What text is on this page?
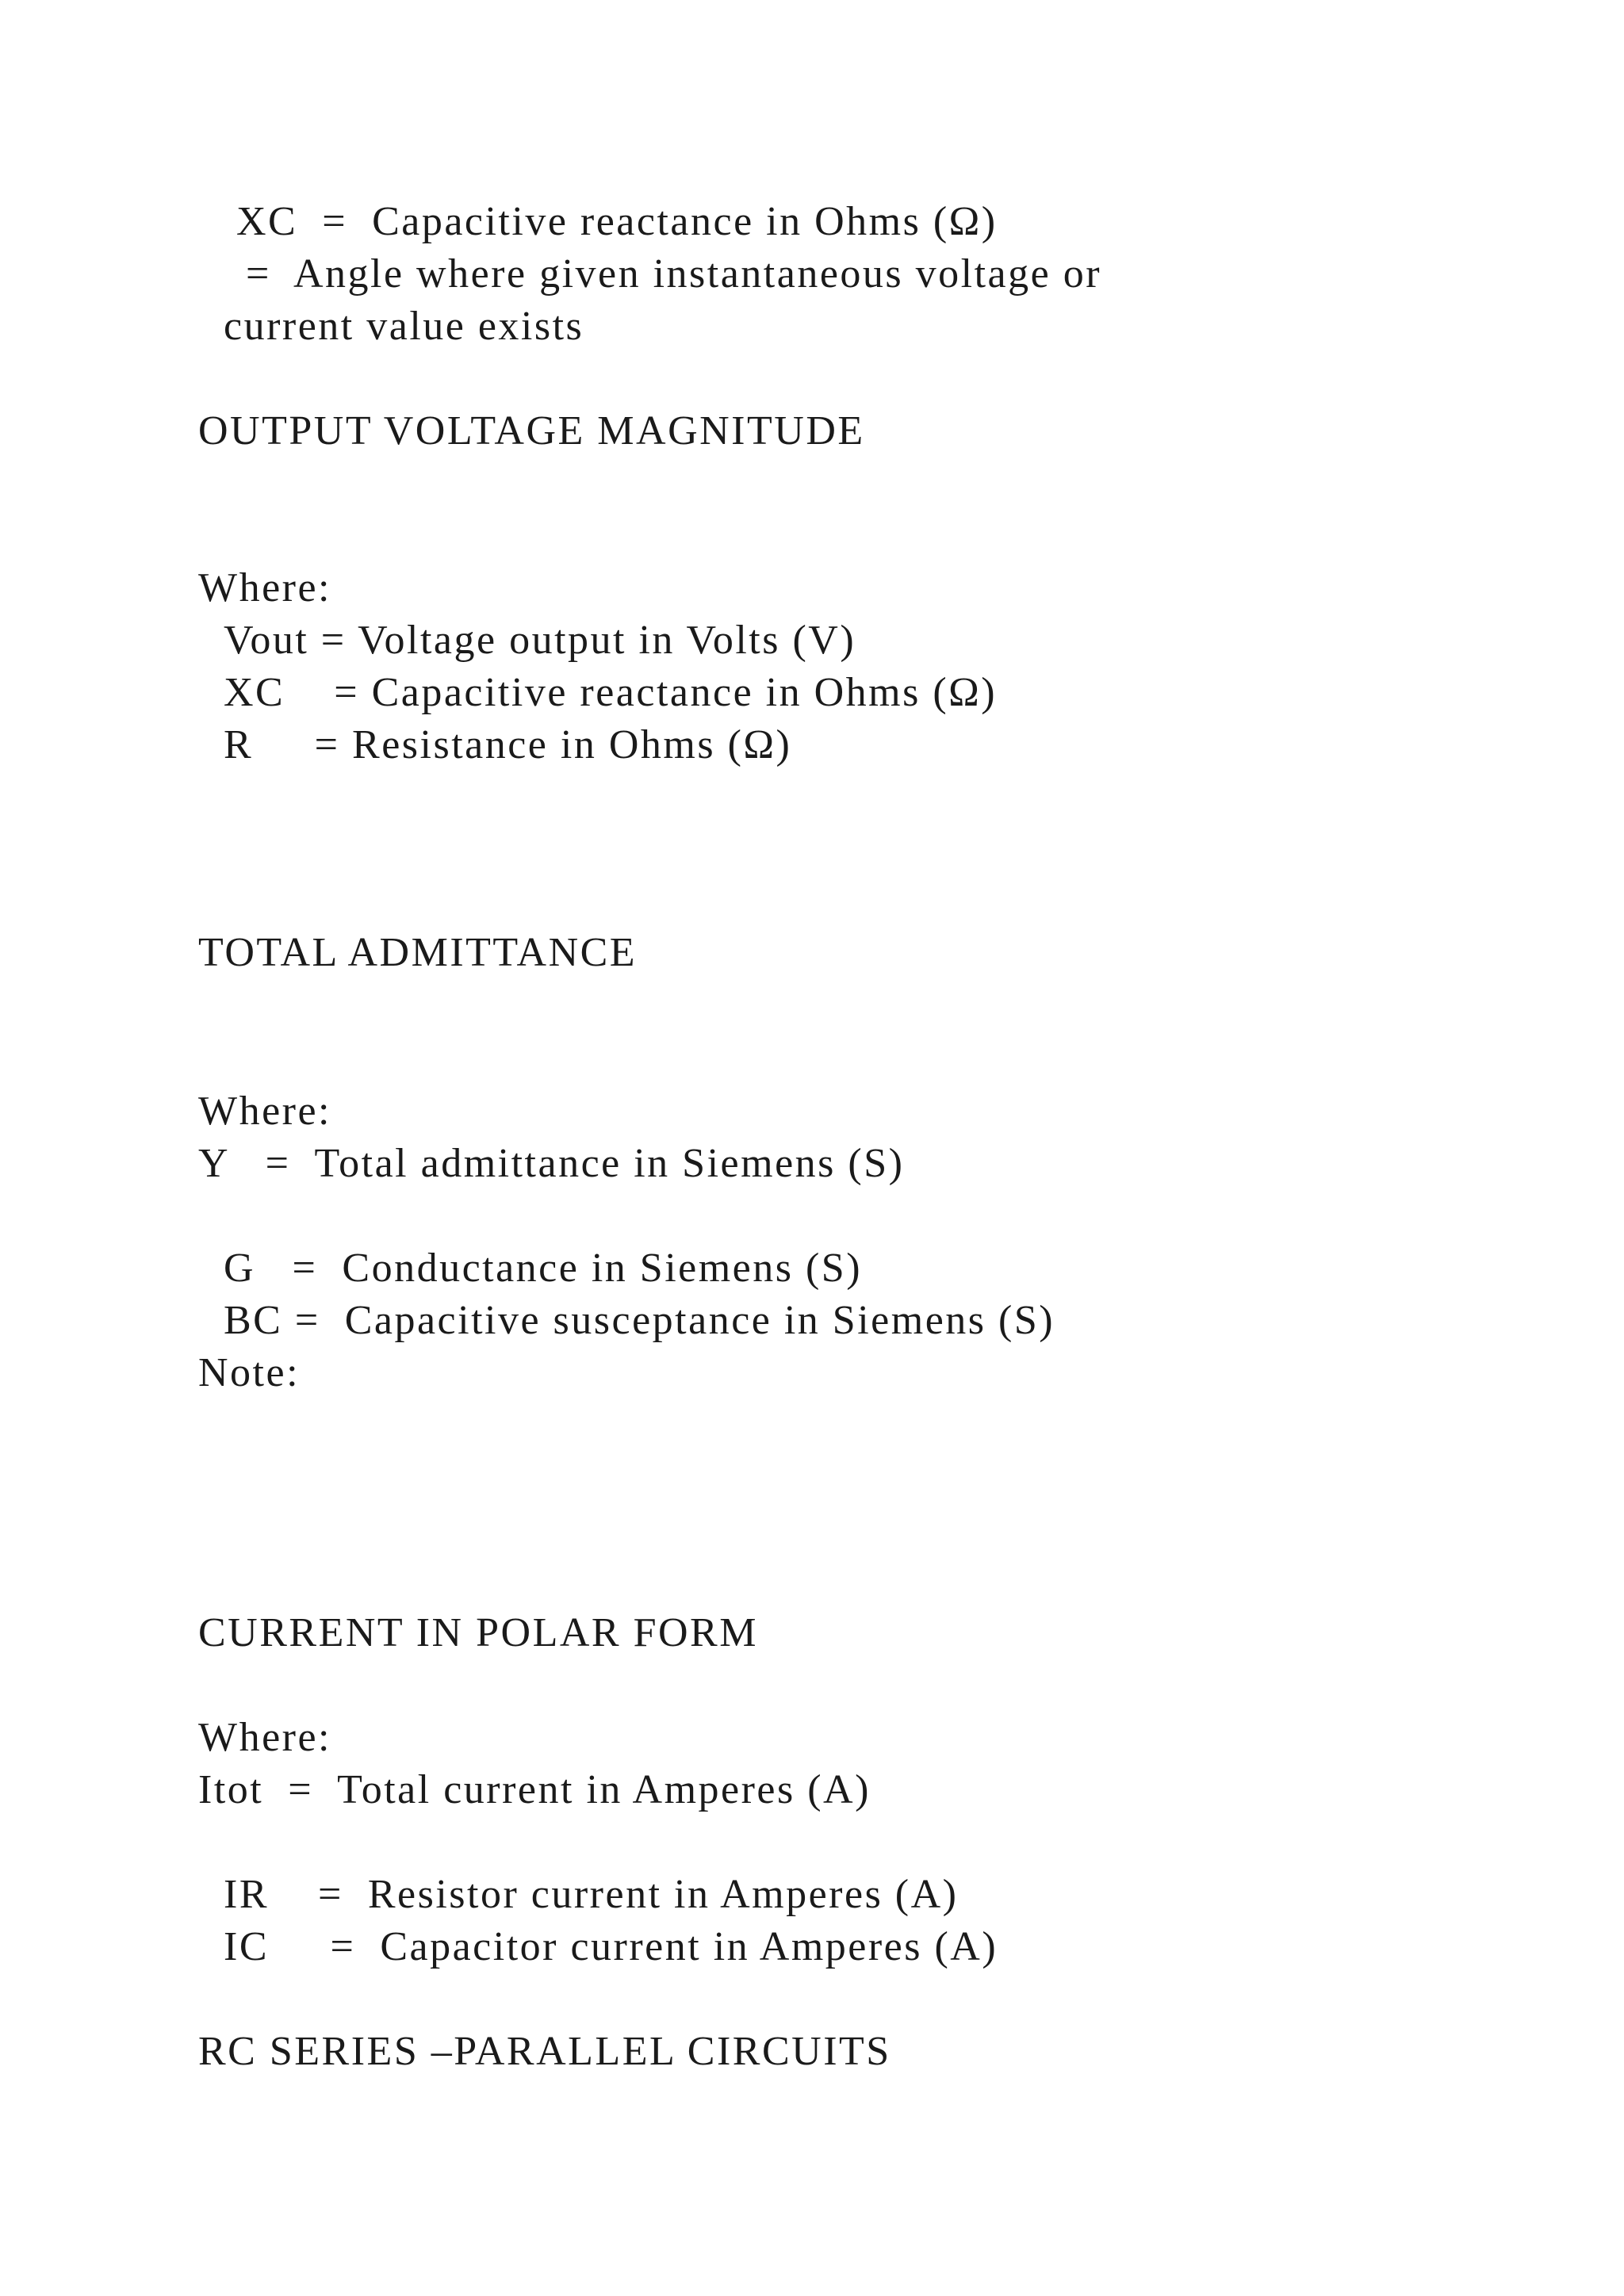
XC  =  Capacitive reactance in Ohms (Ω)
=  Angle where given instantaneous voltage or
current value exists
OUTPUT VOLTAGE MAGNITUDE
Where:
Vout = Voltage output in Volts (V)
XC    = Capacitive reactance in Ohms (Ω)
R     = Resistance in Ohms (Ω)
TOTAL ADMITTANCE
Where:
Y   =  Total admittance in Siemens (S)
G   =  Conductance in Siemens (S)
BC =  Capacitive susceptance in Siemens (S)
Note:
CURRENT IN POLAR FORM
Where:
Itot  =  Total current in Amperes (A)
IR    =  Resistor current in Amperes (A)
IC     =  Capacitor current in Amperes (A)
RC SERIES –PARALLEL CIRCUITS
